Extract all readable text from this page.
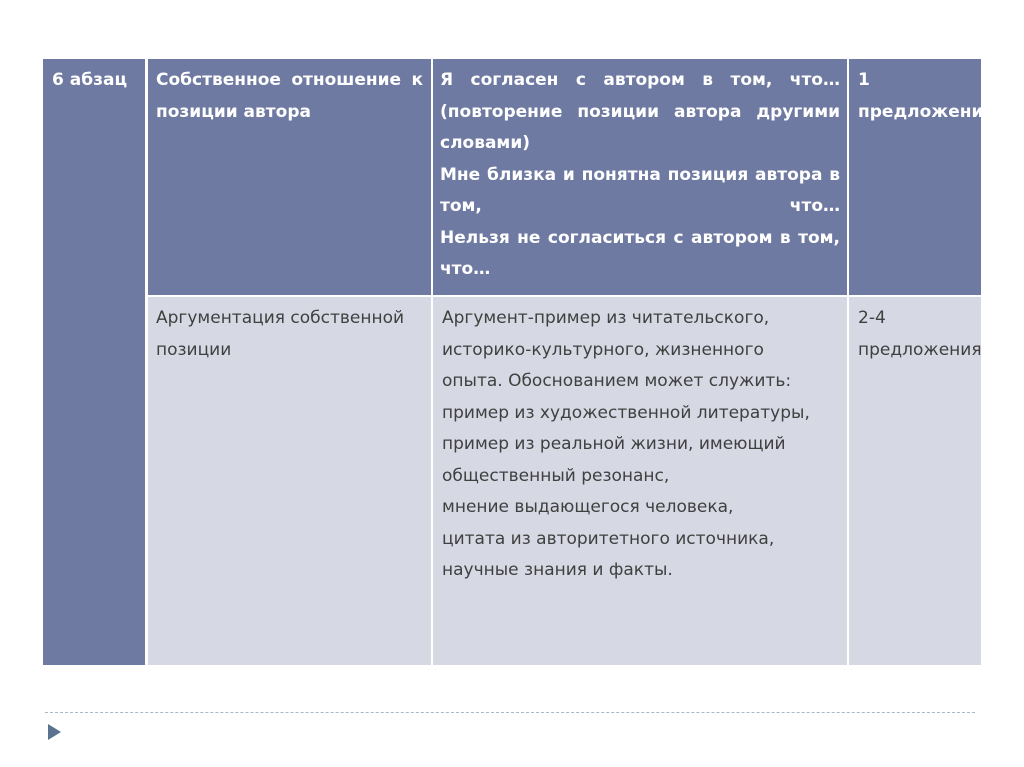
6 абзац	Собственное отношение к позиции автора
Я согласен с автором в том, что…
(повторение позиции автора другими словами)
Мне близка и понятна позиция автора в том, что…
Нельзя не согласиться с автором в том, что…
1 предложение
Аргументация собственной позиции
Аргумент-пример из читательского,
историко-культурного, жизненного
опыта. Обоснованием может служить:
пример из художественной литературы,
пример из реальной жизни, имеющий
общественный резонанс,
мнение выдающегося человека,
цитата из авторитетного источника,
научные знания и факты.
2-4 предложения
